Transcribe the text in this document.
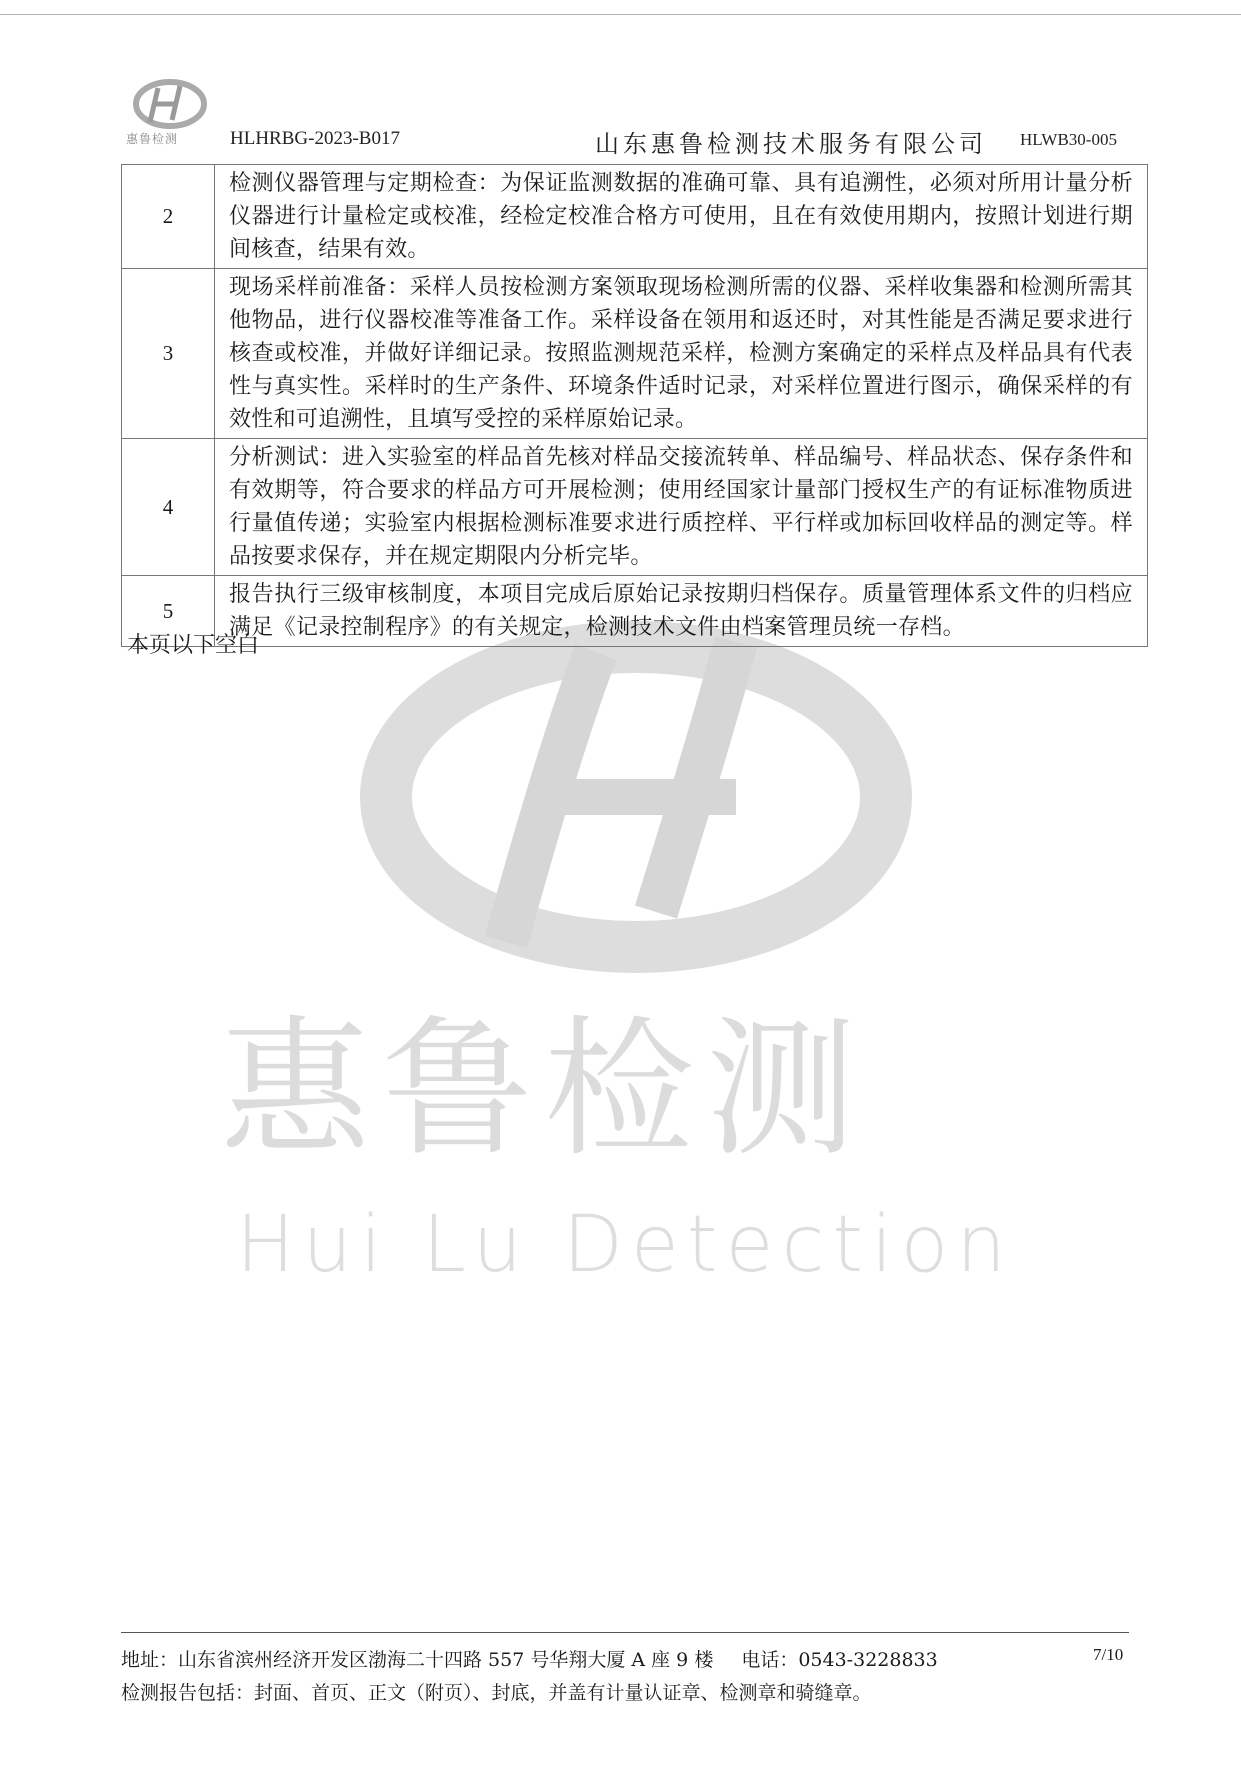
惠鲁检测	HLHRBG-2023-B017	山东惠鲁检测技术服务有限公司 HLWB30-005
惠鲁检测
Hui Lu Detection
2	检测仪器管理与定期检查：为保证监测数据的准确可靠、具有追溯性，必须对所用计量分析仪器进行计量检定或校准，经检定校准合格方可使用，且在有效使用期内，按照计划进行期间核查，结果有效。
3	现场采样前准备：采样人员按检测方案领取现场检测所需的仪器、采样收集器和检测所需其他物品，进行仪器校准等准备工作。采样设备在领用和返还时，对其性能是否满足要求进行核查或校准，并做好详细记录。按照监测规范采样，检测方案确定的采样点及样品具有代表性与真实性。采样时的生产条件、环境条件适时记录，对采样位置进行图示，确保采样的有效性和可追溯性，且填写受控的采样原始记录。
4	分析测试：进入实验室的样品首先核对样品交接流转单、样品编号、样品状态、保存条件和有效期等，符合要求的样品方可开展检测；使用经国家计量部门授权生产的有证标准物质进行量值传递；实验室内根据检测标准要求进行质控样、平行样或加标回收样品的测定等。样品按要求保存，并在规定期限内分析完毕。
5	报告执行三级审核制度，本项目完成后原始记录按期归档保存。质量管理体系文件的归档应满足《记录控制程序》的有关规定，检测技术文件由档案管理员统一存档。
本页以下空白
地址：山东省滨州经济开发区渤海二十四路 557 号华翔大厦 A 座 9 楼 电话：0543-3228833	7/10
检测报告包括：封面、首页、正文（附页）、封底，并盖有计量认证章、检测章和骑缝章。
